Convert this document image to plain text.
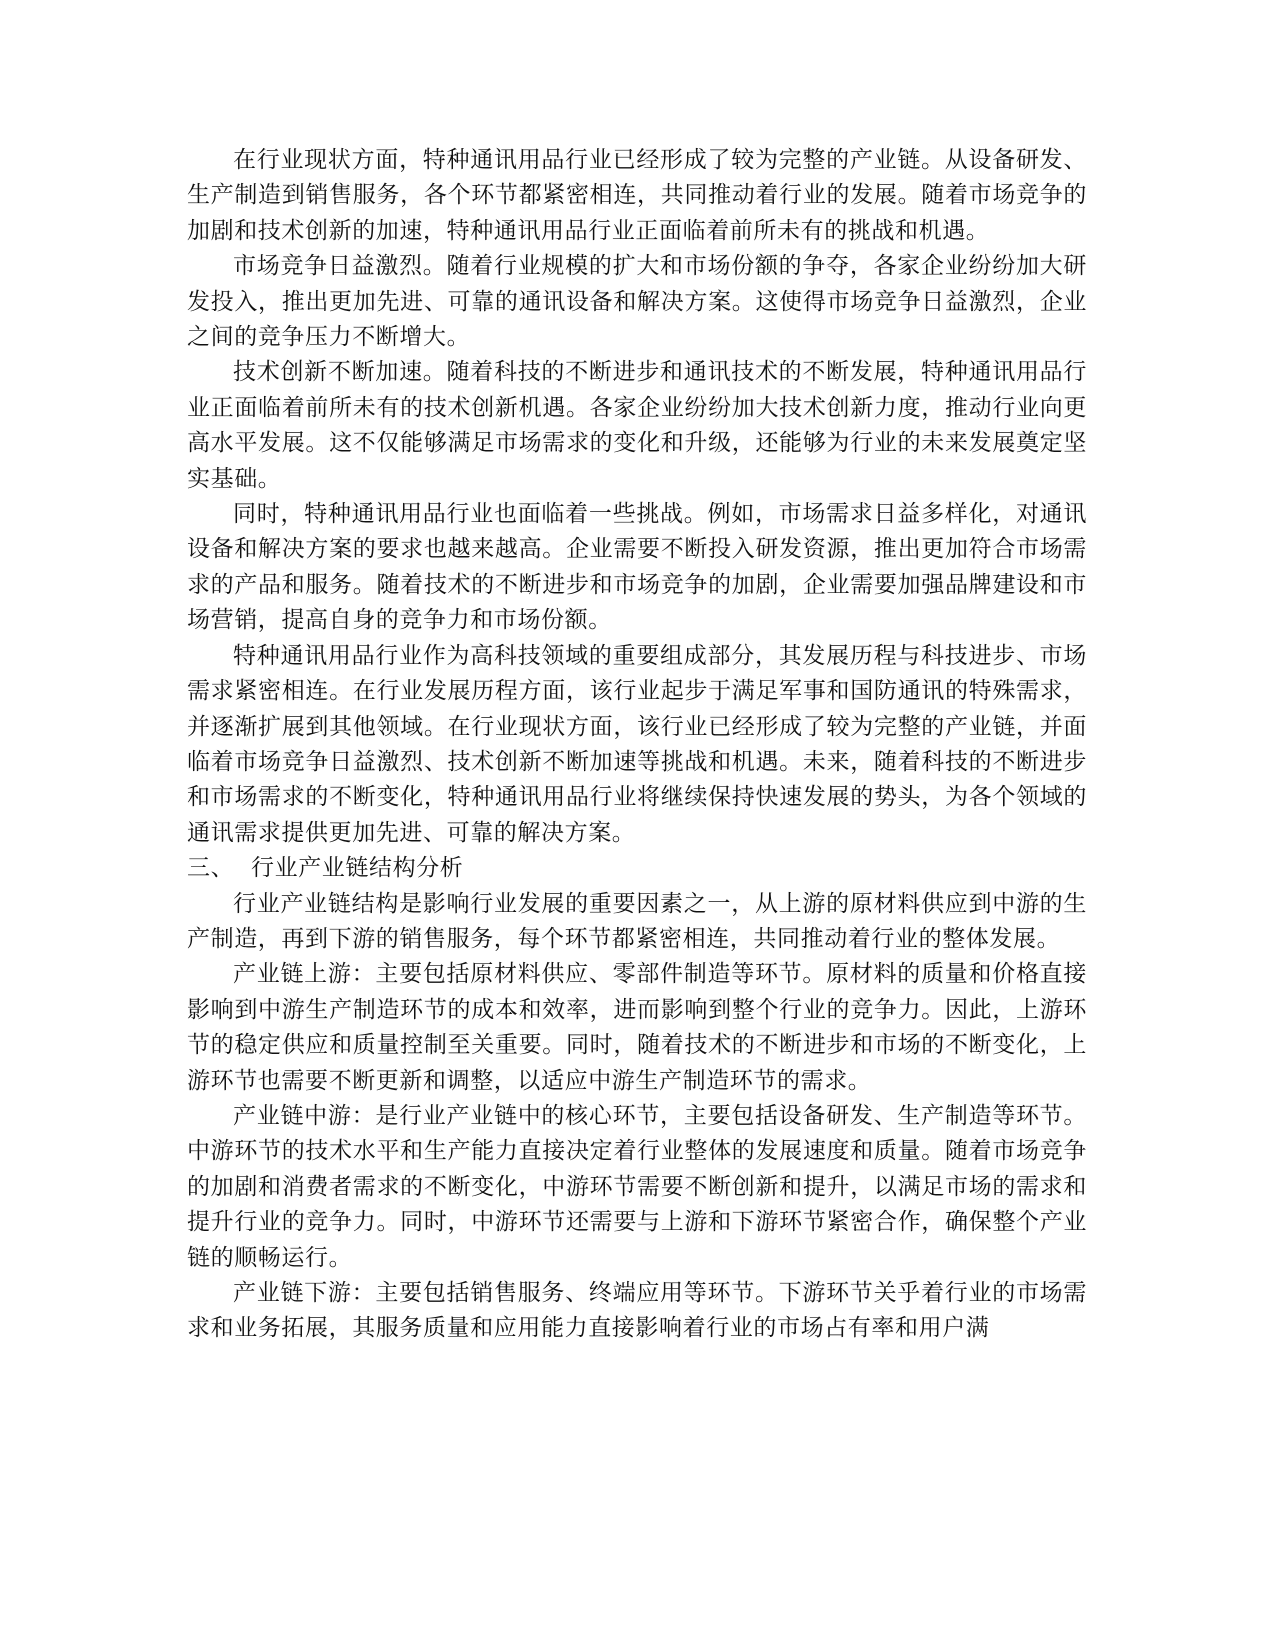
在行业现状方面，特种通讯用品行业已经形成了较为完整的产业链。从设备研发、生产制造到销售服务，各个环节都紧密相连，共同推动着行业的发展。随着市场竞争的加剧和技术创新的加速，特种通讯用品行业正面临着前所未有的挑战和机遇。

市场竞争日益激烈。随着行业规模的扩大和市场份额的争夺，各家企业纷纷加大研发投入，推出更加先进、可靠的通讯设备和解决方案。这使得市场竞争日益激烈，企业之间的竞争压力不断增大。

技术创新不断加速。随着科技的不断进步和通讯技术的不断发展，特种通讯用品行业正面临着前所未有的技术创新机遇。各家企业纷纷加大技术创新力度，推动行业向更高水平发展。这不仅能够满足市场需求的变化和升级，还能够为行业的未来发展奠定坚实基础。

同时，特种通讯用品行业也面临着一些挑战。例如，市场需求日益多样化，对通讯设备和解决方案的要求也越来越高。企业需要不断投入研发资源，推出更加符合市场需求的产品和服务。随着技术的不断进步和市场竞争的加剧，企业需要加强品牌建设和市场营销，提高自身的竞争力和市场份额。

特种通讯用品行业作为高科技领域的重要组成部分，其发展历程与科技进步、市场需求紧密相连。在行业发展历程方面，该行业起步于满足军事和国防通讯的特殊需求，并逐渐扩展到其他领域。在行业现状方面，该行业已经形成了较为完整的产业链，并面临着市场竞争日益激烈、技术创新不断加速等挑战和机遇。未来，随着科技的不断进步和市场需求的不断变化，特种通讯用品行业将继续保持快速发展的势头，为各个领域的通讯需求提供更加先进、可靠的解决方案。

三、 行业产业链结构分析

行业产业链结构是影响行业发展的重要因素之一，从上游的原材料供应到中游的生产制造，再到下游的销售服务，每个环节都紧密相连，共同推动着行业的整体发展。

产业链上游：主要包括原材料供应、零部件制造等环节。原材料的质量和价格直接影响到中游生产制造环节的成本和效率，进而影响到整个行业的竞争力。因此，上游环节的稳定供应和质量控制至关重要。同时，随着技术的不断进步和市场的不断变化，上游环节也需要不断更新和调整，以适应中游生产制造环节的需求。

产业链中游：是行业产业链中的核心环节，主要包括设备研发、生产制造等环节。中游环节的技术水平和生产能力直接决定着行业整体的发展速度和质量。随着市场竞争的加剧和消费者需求的不断变化，中游环节需要不断创新和提升，以满足市场的需求和提升行业的竞争力。同时，中游环节还需要与上游和下游环节紧密合作，确保整个产业链的顺畅运行。

产业链下游：主要包括销售服务、终端应用等环节。下游环节关乎着行业的市场需求和业务拓展，其服务质量和应用能力直接影响着行业的市场占有率和用户满
